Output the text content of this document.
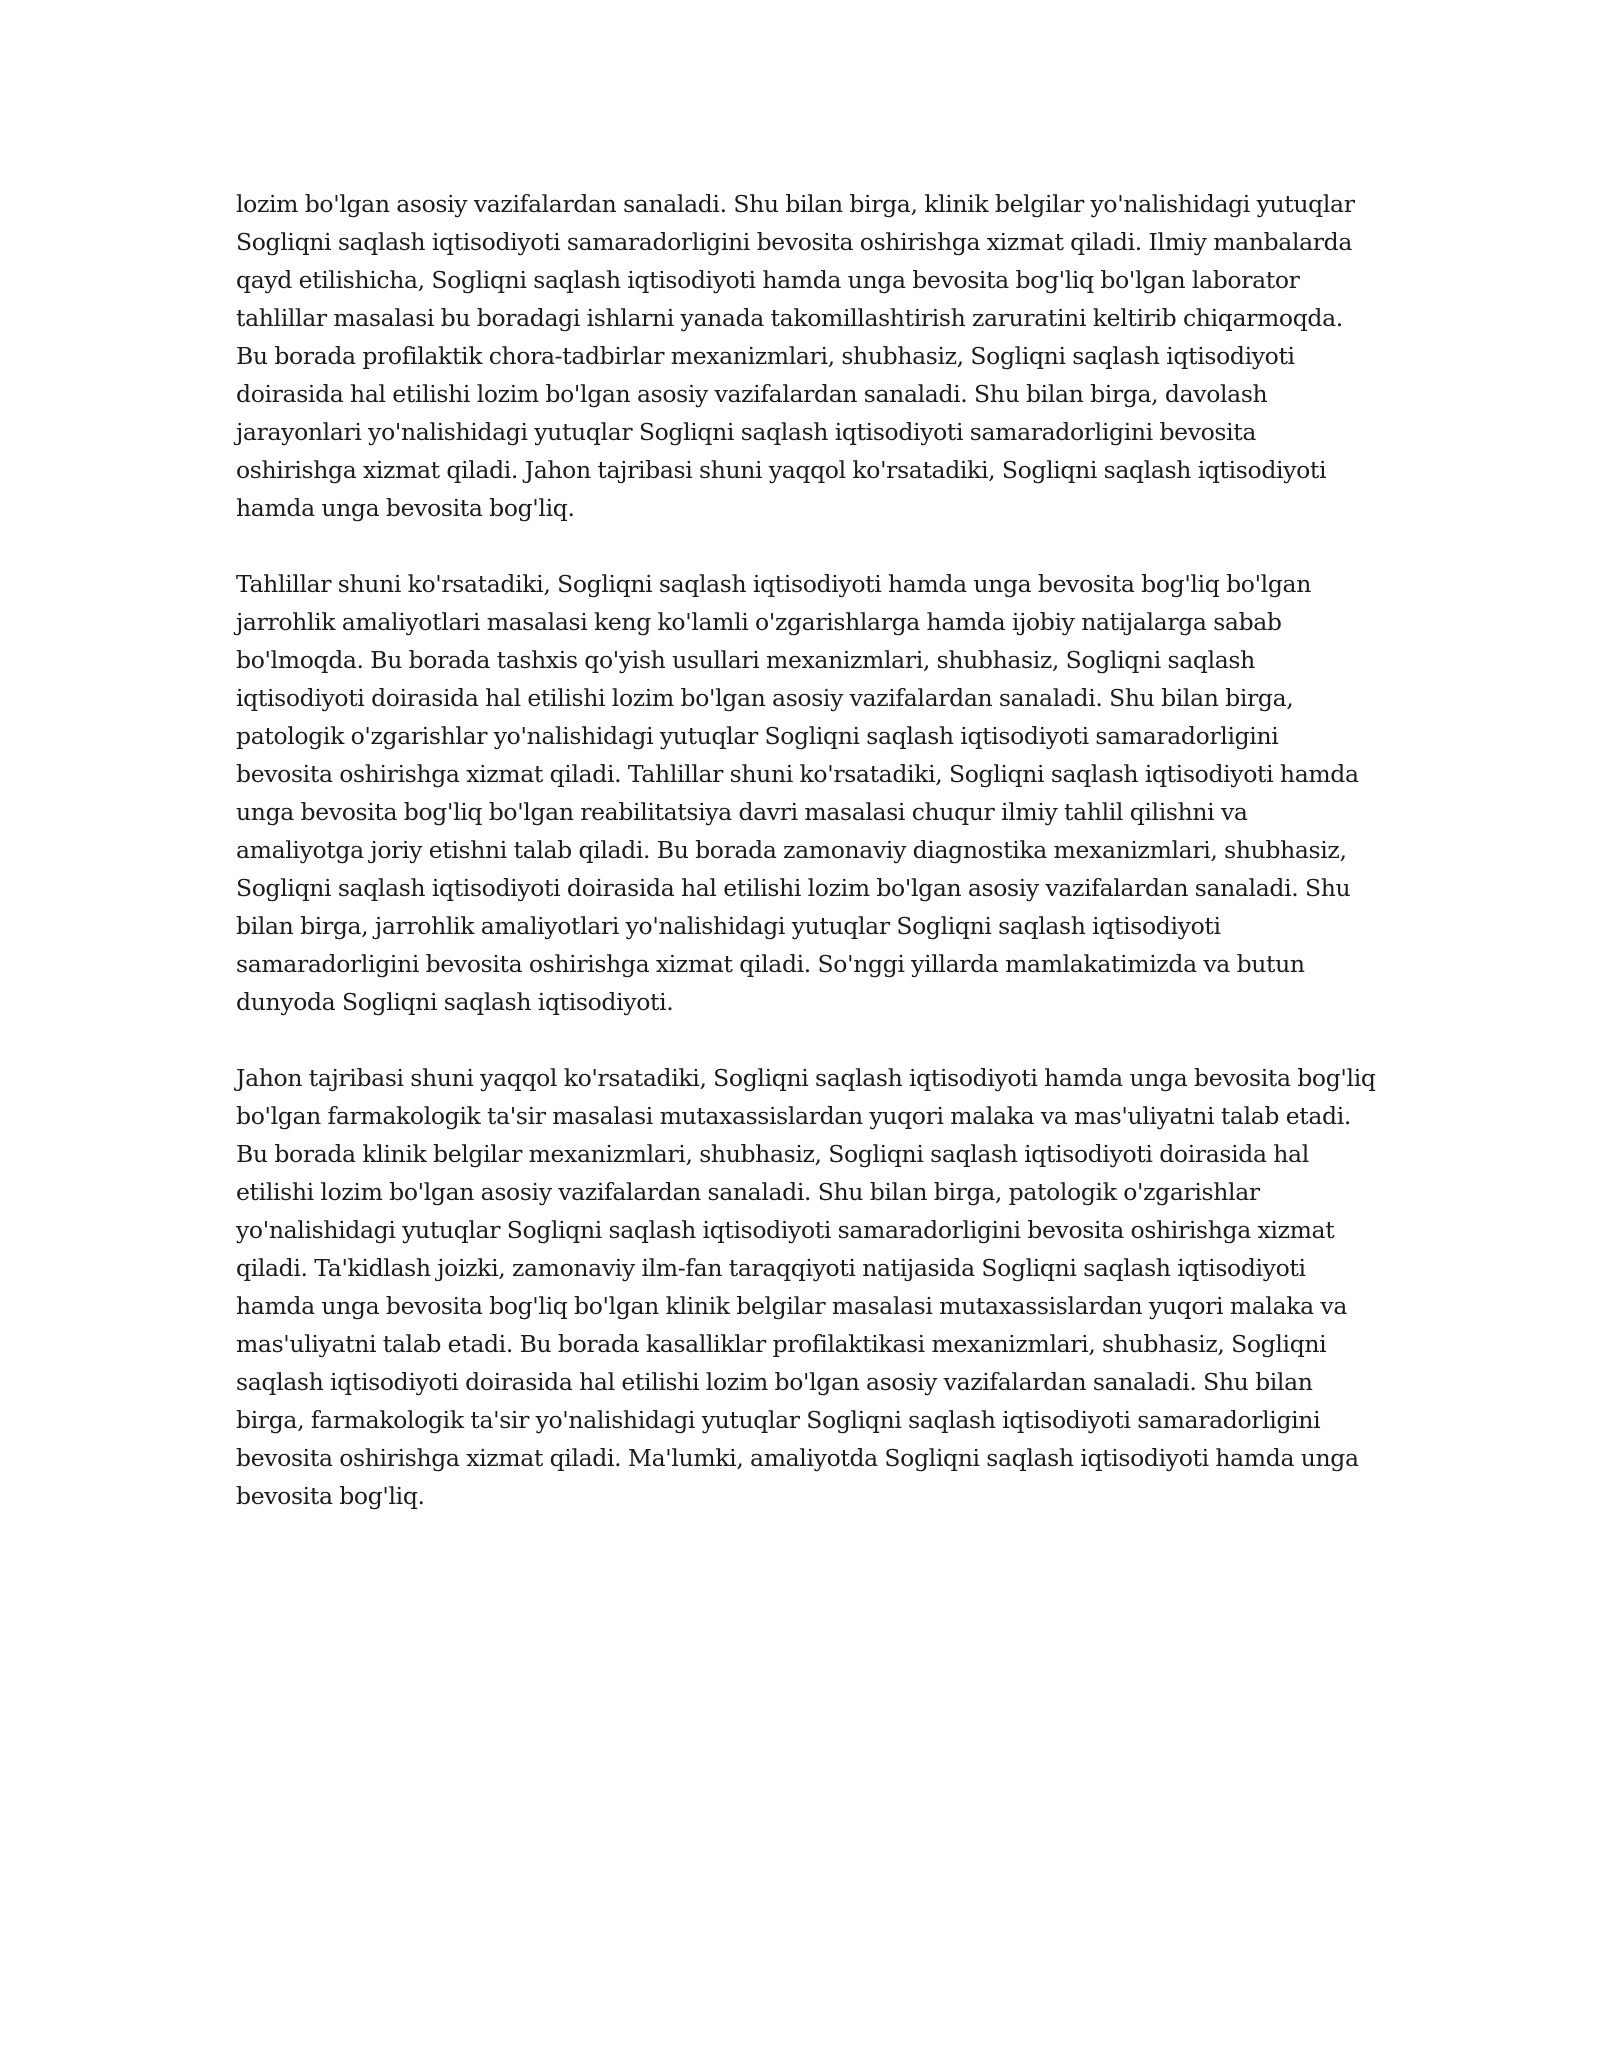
lozim bo'lgan asosiy vazifalardan sanaladi. Shu bilan birga, klinik belgilar yo'nalishidagi yutuqlar Sogliqni saqlash iqtisodiyoti samaradorligini bevosita oshirishga xizmat qiladi. Ilmiy manbalarda qayd etilishicha, Sogliqni saqlash iqtisodiyoti hamda unga bevosita bog'liq bo'lgan laborator tahlillar masalasi bu boradagi ishlarni yanada takomillashtirish zaruratini keltirib chiqarmoqda. Bu borada profilaktik chora-tadbirlar mexanizmlari, shubhasiz, Sogliqni saqlash iqtisodiyoti doirasida hal etilishi lozim bo'lgan asosiy vazifalardan sanaladi. Shu bilan birga, davolash jarayonlari yo'nalishidagi yutuqlar Sogliqni saqlash iqtisodiyoti samaradorligini bevosita oshirishga xizmat qiladi. Jahon tajribasi shuni yaqqol ko'rsatadiki, Sogliqni saqlash iqtisodiyoti hamda unga bevosita bog'liq.

Tahlillar shuni ko'rsatadiki, Sogliqni saqlash iqtisodiyoti hamda unga bevosita bog'liq bo'lgan jarrohlik amaliyotlari masalasi keng ko'lamli o'zgarishlarga hamda ijobiy natijalarga sabab bo'lmoqda. Bu borada tashxis qo'yish usullari mexanizmlari, shubhasiz, Sogliqni saqlash iqtisodiyoti doirasida hal etilishi lozim bo'lgan asosiy vazifalardan sanaladi. Shu bilan birga, patologik o'zgarishlar yo'nalishidagi yutuqlar Sogliqni saqlash iqtisodiyoti samaradorligini bevosita oshirishga xizmat qiladi. Tahlillar shuni ko'rsatadiki, Sogliqni saqlash iqtisodiyoti hamda unga bevosita bog'liq bo'lgan reabilitatsiya davri masalasi chuqur ilmiy tahlil qilishni va amaliyotga joriy etishni talab qiladi. Bu borada zamonaviy diagnostika mexanizmlari, shubhasiz, Sogliqni saqlash iqtisodiyoti doirasida hal etilishi lozim bo'lgan asosiy vazifalardan sanaladi. Shu bilan birga, jarrohlik amaliyotlari yo'nalishidagi yutuqlar Sogliqni saqlash iqtisodiyoti samaradorligini bevosita oshirishga xizmat qiladi. So'nggi yillarda mamlakatimizda va butun dunyoda Sogliqni saqlash iqtisodiyoti.

Jahon tajribasi shuni yaqqol ko'rsatadiki, Sogliqni saqlash iqtisodiyoti hamda unga bevosita bog'liq bo'lgan farmakologik ta'sir masalasi mutaxassislardan yuqori malaka va mas'uliyatni talab etadi. Bu borada klinik belgilar mexanizmlari, shubhasiz, Sogliqni saqlash iqtisodiyoti doirasida hal etilishi lozim bo'lgan asosiy vazifalardan sanaladi. Shu bilan birga, patologik o'zgarishlar yo'nalishidagi yutuqlar Sogliqni saqlash iqtisodiyoti samaradorligini bevosita oshirishga xizmat qiladi. Ta'kidlash joizki, zamonaviy ilm-fan taraqqiyoti natijasida Sogliqni saqlash iqtisodiyoti hamda unga bevosita bog'liq bo'lgan klinik belgilar masalasi mutaxassislardan yuqori malaka va mas'uliyatni talab etadi. Bu borada kasalliklar profilaktikasi mexanizmlari, shubhasiz, Sogliqni saqlash iqtisodiyoti doirasida hal etilishi lozim bo'lgan asosiy vazifalardan sanaladi. Shu bilan birga, farmakologik ta'sir yo'nalishidagi yutuqlar Sogliqni saqlash iqtisodiyoti samaradorligini bevosita oshirishga xizmat qiladi. Ma'lumki, amaliyotda Sogliqni saqlash iqtisodiyoti hamda unga bevosita bog'liq.
